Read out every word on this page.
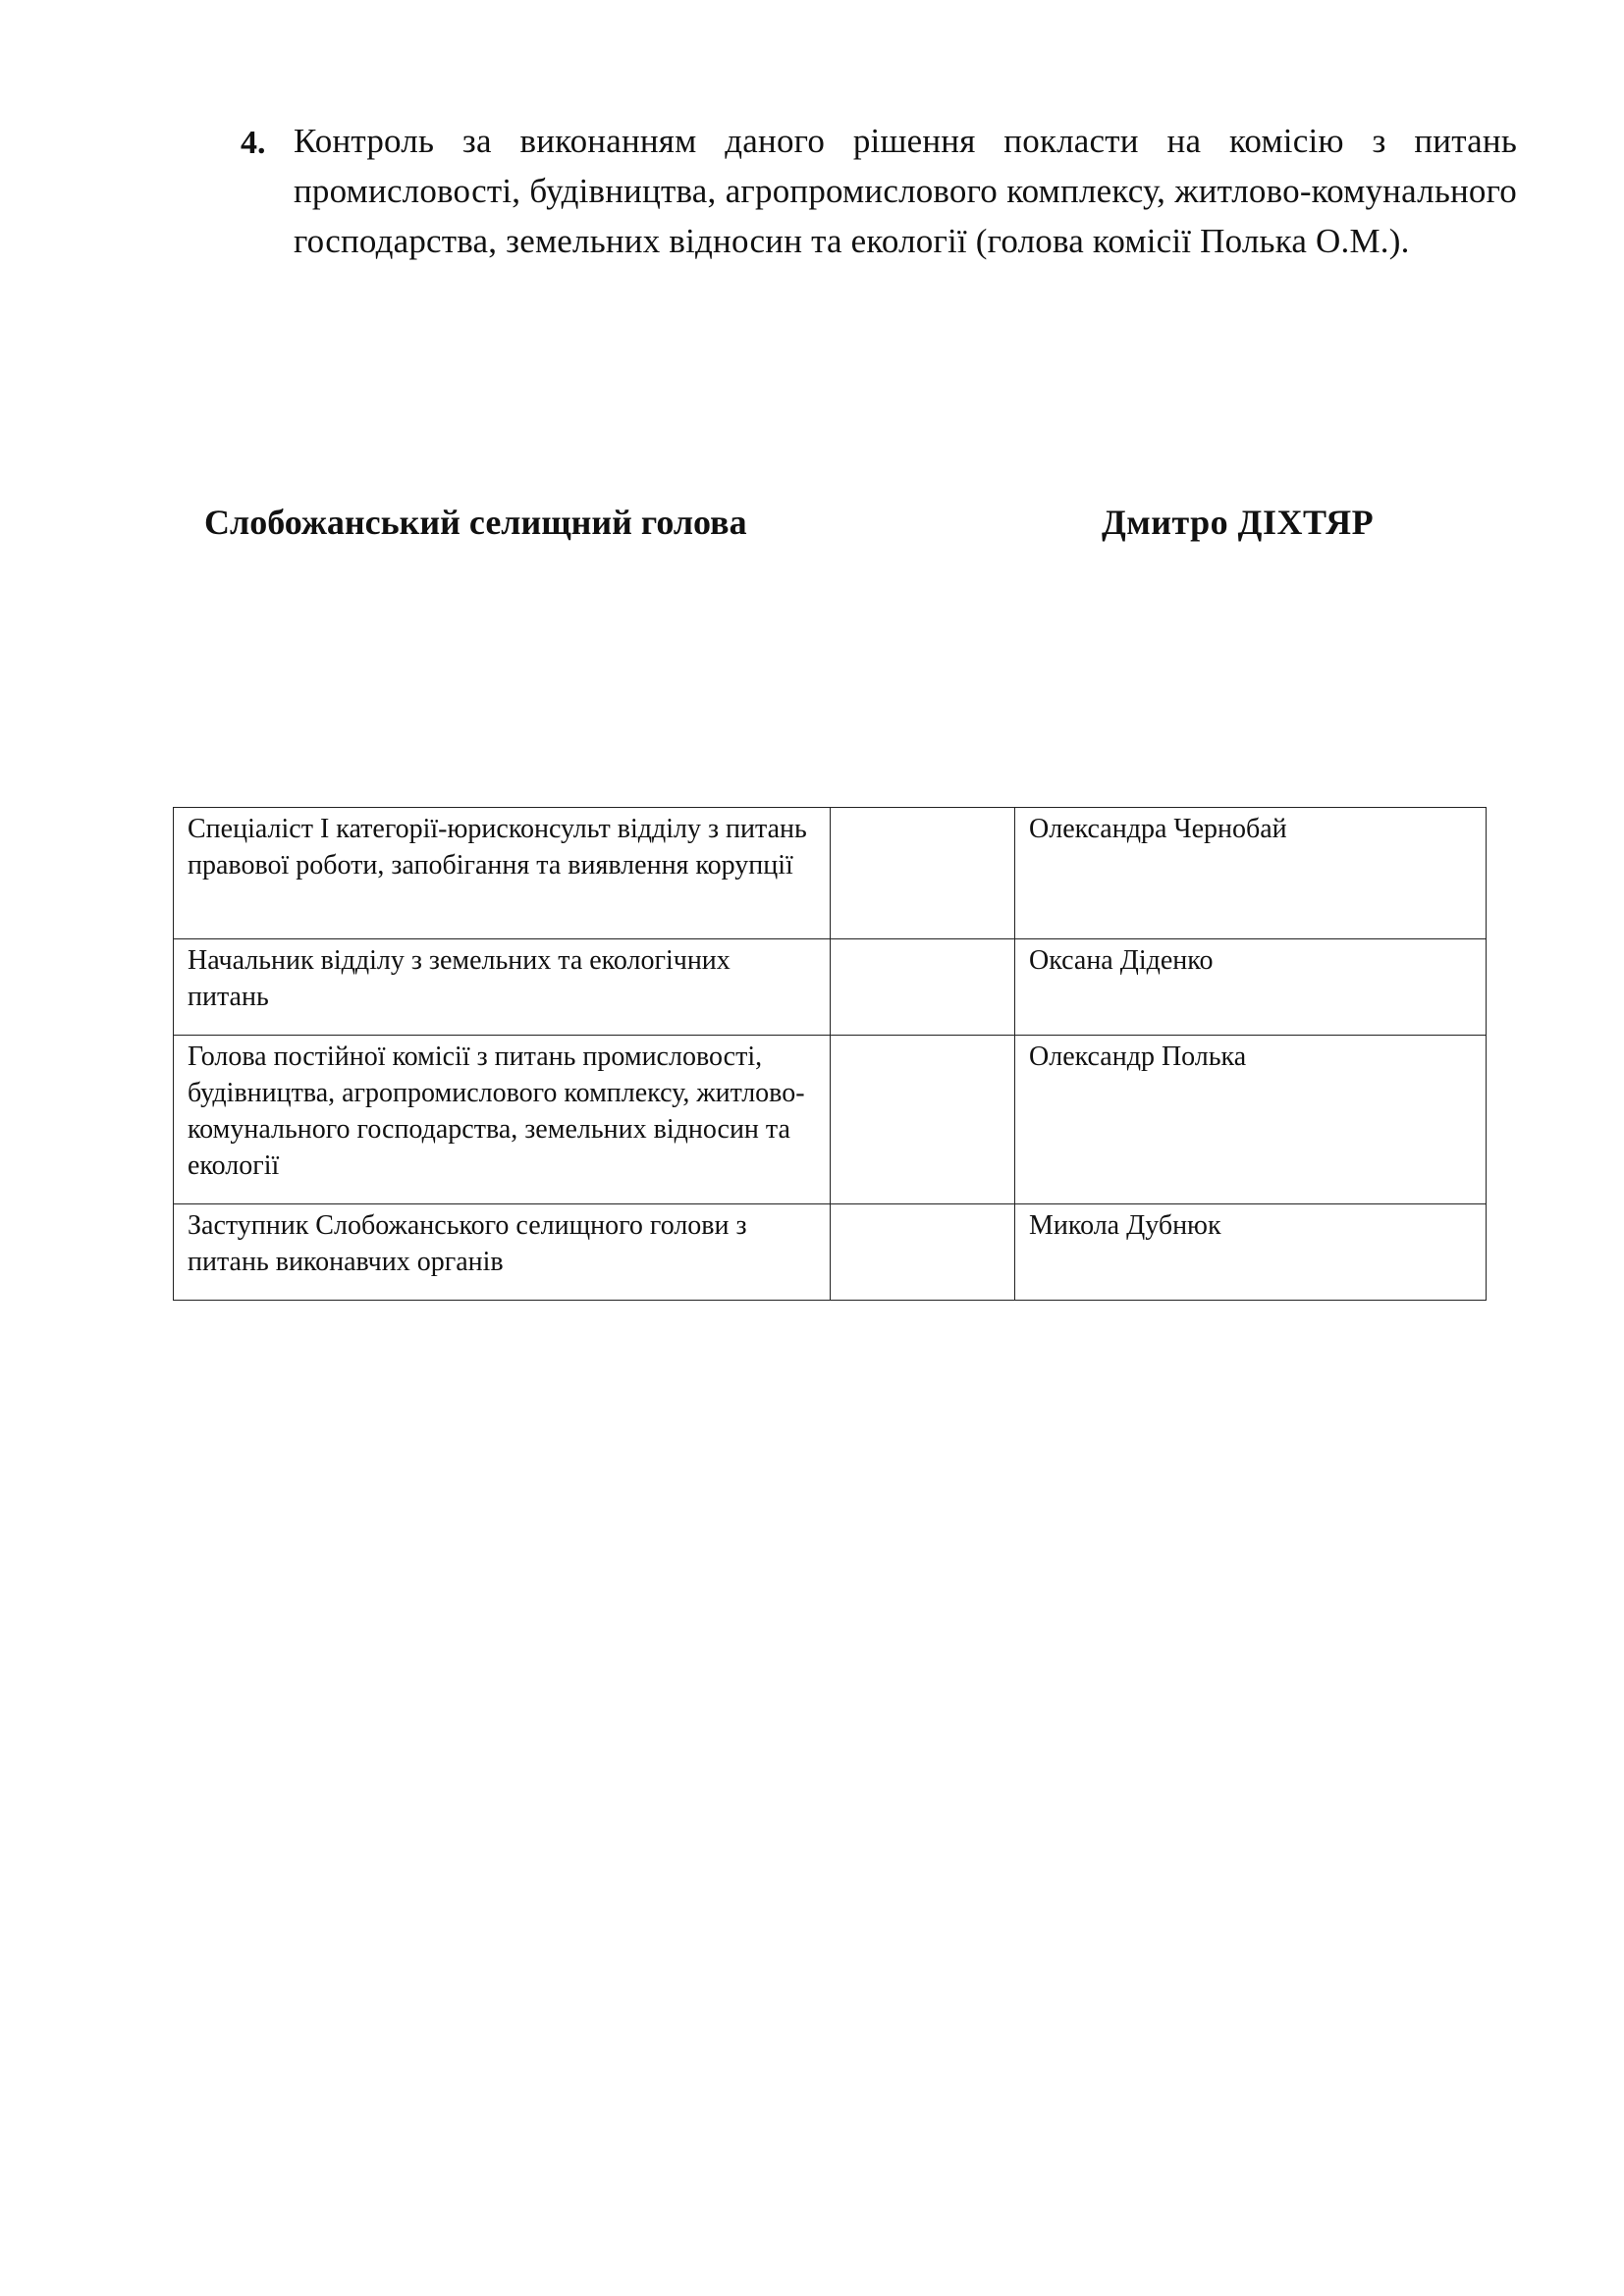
4. Контроль за виконанням даного рішення покласти на комісію з питань промисловості, будівництва, агропромислового комплексу, житлово-комунального господарства, земельних відносин та екології (голова комісії Полька О.М.).
Слобожанський селищний голова	Дмитро ДІХТЯР
Спеціаліст І категорії-юрисконсульт відділу з питань правової роботи, запобігання та виявлення корупції		Олександра Чернобай
Начальник відділу з земельних та екологічних питань		Оксана Діденко
Голова постійної комісії з питань промисловості, будівництва, агропромислового комплексу, житлово-комунального господарства, земельних відносин та екології		Олександр Полька
Заступник Слобожанського селищного голови з питань виконавчих органів		Микола Дубнюк
